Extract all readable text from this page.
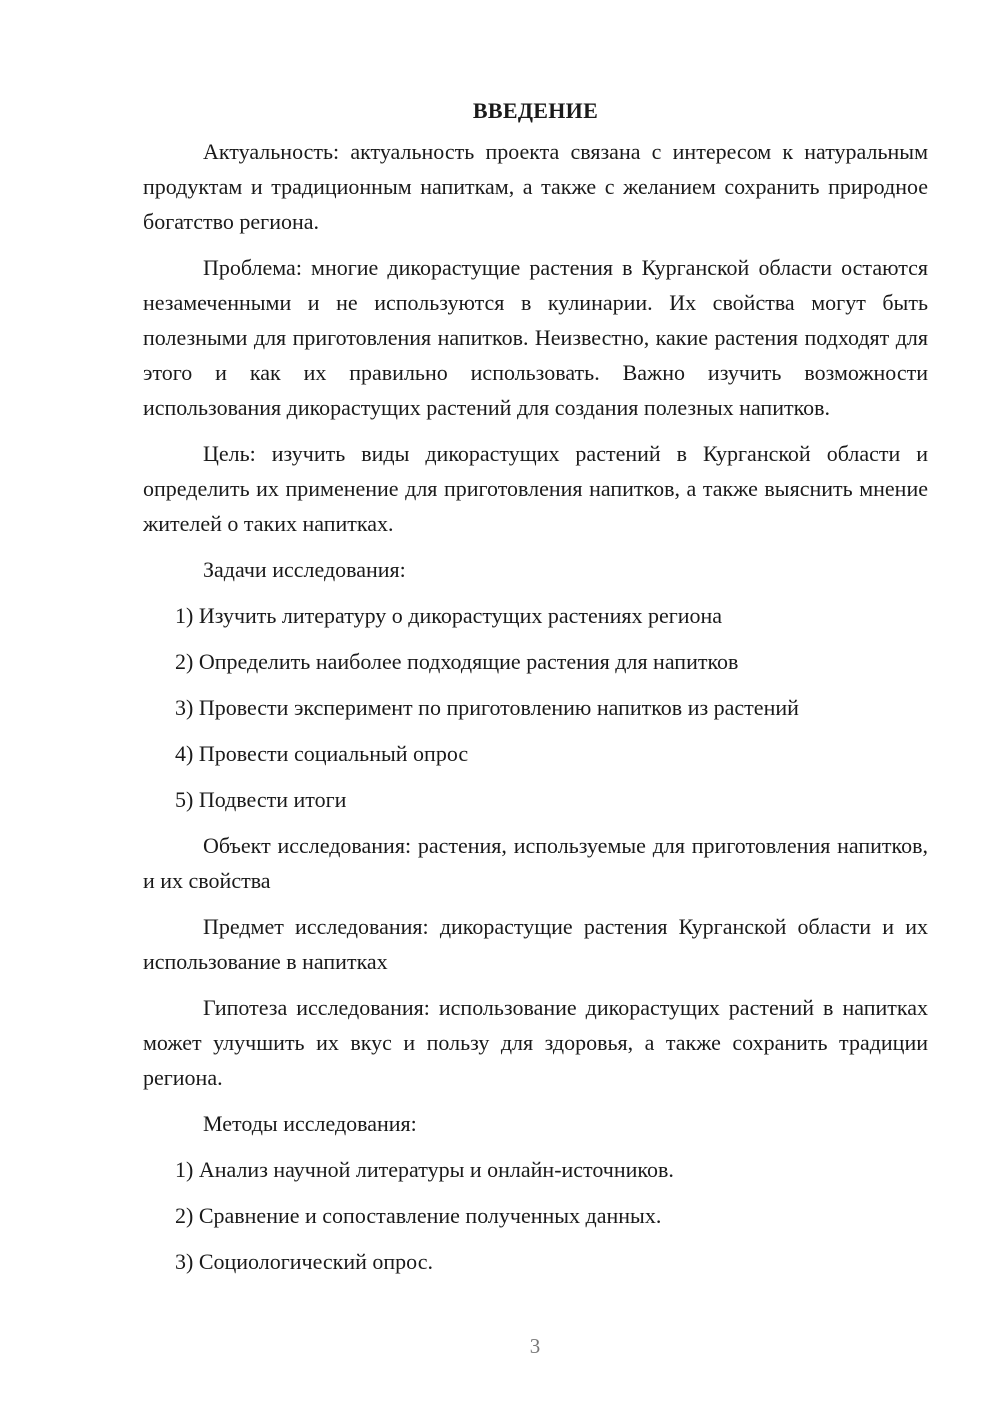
ВВЕДЕНИЕ

Актуальность: актуальность проекта связана с интересом к натуральным продуктам и традиционным напиткам, а также с желанием сохранить природное богатство региона.

Проблема: многие дикорастущие растения в Курганской области остаются незамеченными и не используются в кулинарии. Их свойства могут быть полезными для приготовления напитков. Неизвестно, какие растения подходят для этого и как их правильно использовать. Важно изучить возможности использования дикорастущих растений для создания полезных напитков.

Цель: изучить виды дикорастущих растений в Курганской области и определить их применение для приготовления напитков, а также выяснить мнение жителей о таких напитках.

Задачи исследования:

1) Изучить литературу о дикорастущих растениях региона
2) Определить наиболее подходящие растения для напитков
3) Провести эксперимент по приготовлению напитков из растений
4) Провести социальный опрос
5) Подвести итоги

Объект исследования: растения, используемые для приготовления напитков, и их свойства

Предмет исследования: дикорастущие растения Курганской области и их использование в напитках

Гипотеза исследования: использование дикорастущих растений в напитках может улучшить их вкус и пользу для здоровья, а также сохранить традиции региона.

Методы исследования:

1) Анализ научной литературы и онлайн-источников.
2) Сравнение и сопоставление полученных данных.
3) Социологический опрос.
3
